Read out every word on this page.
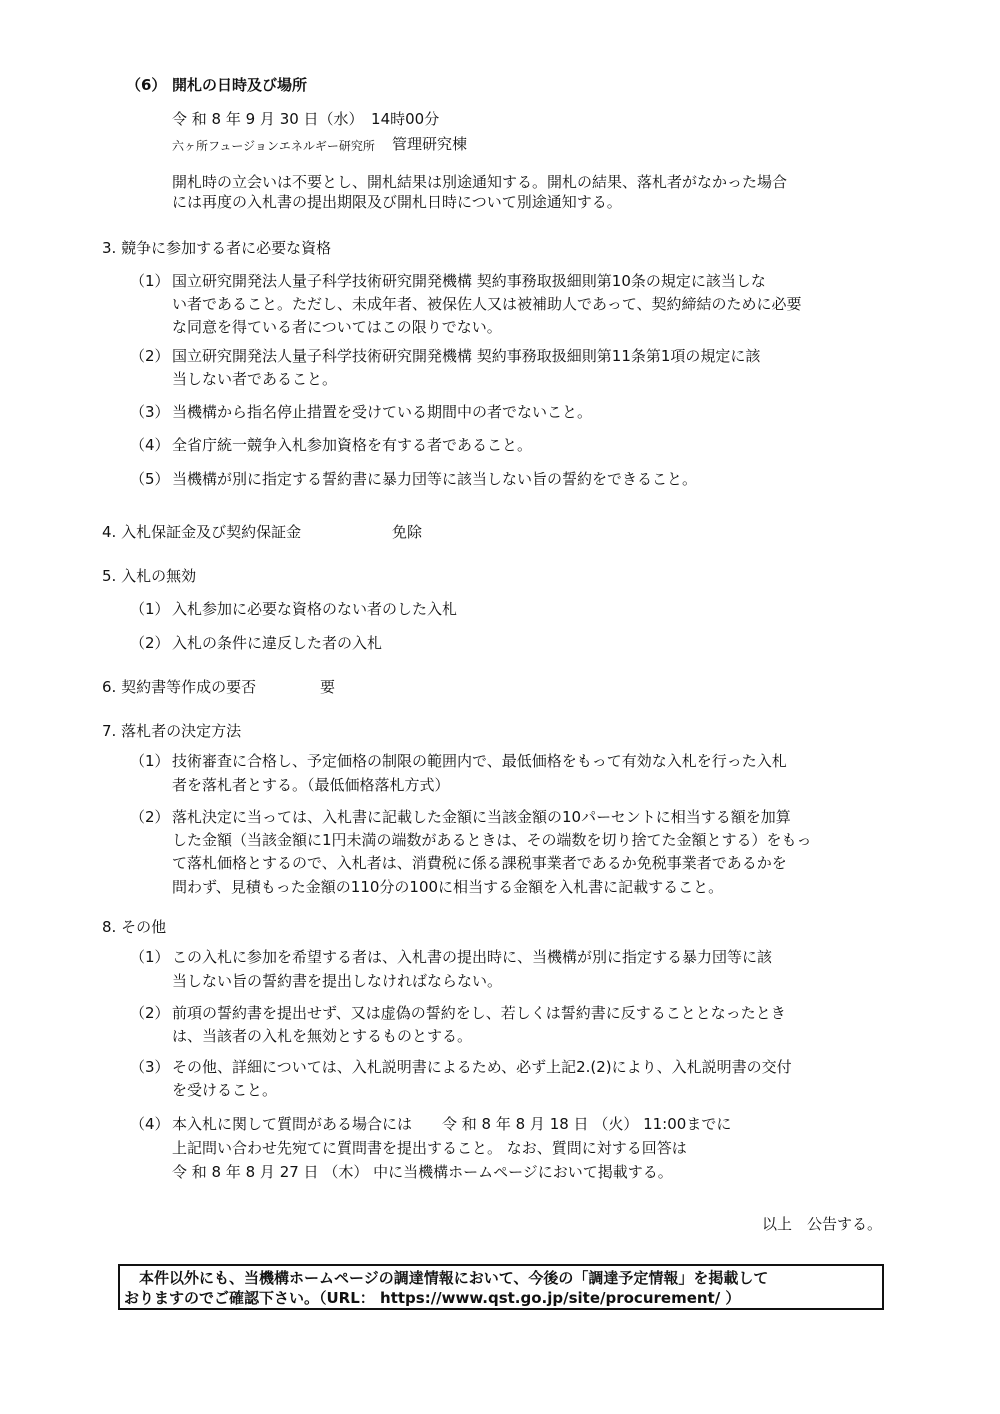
（6） 開札の日時及び場所
令 和 8 年 9 月 30 日（水）　14時00分
六ヶ所フュージョンエネルギー研究所 管理研究棟
開札時の立会いは不要とし、開札結果は別途通知する。開札の結果、落札者がなかった場合
には再度の入札書の提出期限及び開札日時について別途通知する。
3. 競争に参加する者に必要な資格
（1） 国立研究開発法人量子科学技術研究開発機構 契約事務取扱細則第10条の規定に該当しな
い者であること。ただし、未成年者、被保佐人又は被補助人であって、契約締結のために必要
な同意を得ている者についてはこの限りでない。
（2） 国立研究開発法人量子科学技術研究開発機構 契約事務取扱細則第11条第1項の規定に該
当しない者であること。
（3） 当機構から指名停止措置を受けている期間中の者でないこと。
（4） 全省庁統一競争入札参加資格を有する者であること。
（5） 当機構が別に指定する誓約書に暴力団等に該当しない旨の誓約をできること。
4. 入札保証金及び契約保証金	免除
5. 入札の無効
（1） 入札参加に必要な資格のない者のした入札
（2） 入札の条件に違反した者の入札
6. 契約書等作成の要否	要
7. 落札者の決定方法
（1） 技術審査に合格し、予定価格の制限の範囲内で、最低価格をもって有効な入札を行った入札
者を落札者とする。（最低価格落札方式）
（2） 落札決定に当っては、入札書に記載した金額に当該金額の10パーセントに相当する額を加算
した金額（当該金額に1円未満の端数があるときは、その端数を切り捨てた金額とする）をもっ
て落札価格とするので、入札者は、消費税に係る課税事業者であるか免税事業者であるかを
問わず、見積もった金額の110分の100に相当する金額を入札書に記載すること。
8. その他
（1） この入札に参加を希望する者は、入札書の提出時に、当機構が別に指定する暴力団等に該
当しない旨の誓約書を提出しなければならない。
（2） 前項の誓約書を提出せず、又は虚偽の誓約をし、若しくは誓約書に反することとなったとき
は、当該者の入札を無効とするものとする。
（3） その他、詳細については、入札説明書によるため、必ず上記2.(2)により、入札説明書の交付
を受けること。
（4） 本入札に関して質問がある場合には　　令 和 8 年 8 月 18 日 （火） 11:00までに
上記問い合わせ先宛てに質問書を提出すること。 なお、質問に対する回答は
令 和 8 年 8 月 27 日 （木） 中に当機構ホームページにおいて掲載する。
以上　公告する。
　本件以外にも、当機構ホームページの調達情報において、今後の「調達予定情報」を掲載して
おりますのでご確認下さい。（URL： https://www.qst.go.jp/site/procurement/ ）
